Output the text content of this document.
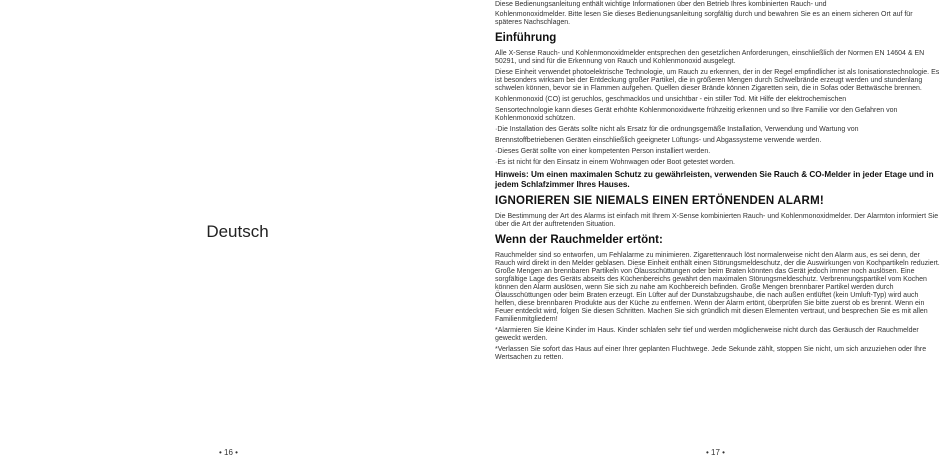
Deutsch
• 16 •

Diese Bedienungsanleitung enthält wichtige Informationen über den Betrieb Ihres kombinierten Rauch- und

Kohlenmonoxidmelder. Bitte lesen Sie dieses Bedienungsanleitung sorgfältig durch und bewahren Sie es an einem sicheren Ort auf für späteres Nachschlagen.

Einführung

Alle X-Sense Rauch- und Kohlenmonoxidmelder entsprechen den gesetzlichen Anforderungen, einschließlich der Normen EN 14604 & EN 50291, und sind für die Erkennung von Rauch und Kohlenmonoxid ausgelegt.

Diese Einheit verwendet photoelektrische Technologie, um Rauch zu erkennen, der in der Regel empfindlicher ist als Ionisationstechnologie. Es ist besonders wirksam bei der Entdeckung großer Partikel, die in größeren Mengen durch Schwelbrände erzeugt werden und stundenlang schwelen können, bevor sie in Flammen aufgehen. Quellen dieser Brände können Zigaretten sein, die in Sofas oder Bettwäsche brennen.

Kohlenmonoxid (CO) ist geruchlos, geschmacklos und unsichtbar - ein stiller Tod. Mit Hilfe der elektrochemischen

Sensortechnologie kann dieses Gerät erhöhte Kohlenmonoxidwerte frühzeitig erkennen und so Ihre Familie vor den Gefahren von Kohlenmonoxid schützen.

·Die Installation des Geräts sollte nicht als Ersatz für die ordnungsgemäße Installation, Verwendung und Wartung von

Brennstoffbetriebenen Geräten einschließlich geeigneter Lüftungs- und Abgassysteme verwende werden.

·Dieses Gerät sollte von einer kompetenten Person installiert werden.

·Es ist nicht für den Einsatz in einem Wohnwagen oder Boot getestet worden.

Hinweis: Um einen maximalen Schutz zu gewährleisten, verwenden Sie Rauch & CO-Melder in jeder Etage und in jedem Schlafzimmer Ihres Hauses.

IGNORIEREN SIE NIEMALS EINEN ERTÖNENDEN ALARM!

Die Bestimmung der Art des Alarms ist einfach mit Ihrem X-Sense kombinierten Rauch- und Kohlenmonoxidmelder. Der Alarmton informiert Sie über die Art der auftretenden Situation.

Wenn der Rauchmelder ertönt:

Rauchmelder sind so entworfen, um Fehlalarme zu minimieren. Zigarettenrauch löst normalerweise nicht den Alarm aus, es sei denn, der Rauch wird direkt in den Melder geblasen. Diese Einheit enthält einen Störungsmeldeschutz, der die Auswirkungen von Kochpartikeln reduziert. Große Mengen an brennbaren Partikeln von Ölausschüttungen oder beim Braten könnten das Gerät jedoch immer noch auslösen. Eine sorgfältige Lage des Geräts abseits des Küchenbereichs gewährt den maximalen Störungsmeldeschutz. Verbrennungspartikel vom Kochen können den Alarm auslösen, wenn Sie sich zu nahe am Kochbereich befinden. Große Mengen brennbarer Partikel werden durch Ölausschüttungen oder beim Braten erzeugt. Ein Lüfter auf der Dunstabzugshaube, die nach außen entlüftet (kein Umluft-Typ) wird auch helfen, diese brennbaren Produkte aus der Küche zu entfernen. Wenn der Alarm ertönt, überprüfen Sie bitte zuerst ob es brennt. Wenn ein Feuer entdeckt wird, folgen Sie diesen Schritten. Machen Sie sich gründlich mit diesen Elementen vertraut, und besprechen Sie es mit allen Familienmitgliedern!

*Alarmieren Sie kleine Kinder im Haus. Kinder schlafen sehr tief und werden möglicherweise nicht durch das Geräusch der Rauchmelder geweckt werden.

*Verlassen Sie sofort das Haus auf einer Ihrer geplanten Fluchtwege. Jede Sekunde zählt, stoppen Sie nicht, um sich anzuziehen oder Ihre Wertsachen zu retten.

• 17 •
